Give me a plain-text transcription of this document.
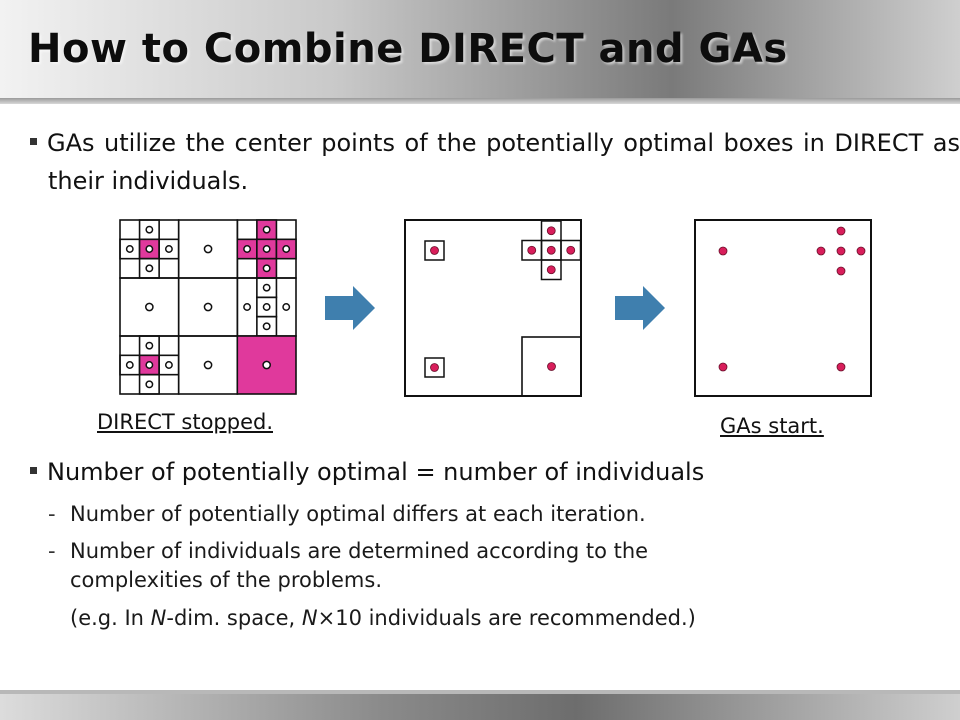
How to Combine DIRECT and GAs
GAs utilize the center points of the potentially optimal boxes in DIRECT as their individuals.
DIRECT stopped.	GAs start.
Number of potentially optimal = number of individuals
- Number of potentially optimal differs at each iteration.
- Number of individuals are determined according to the
complexities of the problems.
(e.g. In N-dim. space, N×10 individuals are recommended.)
